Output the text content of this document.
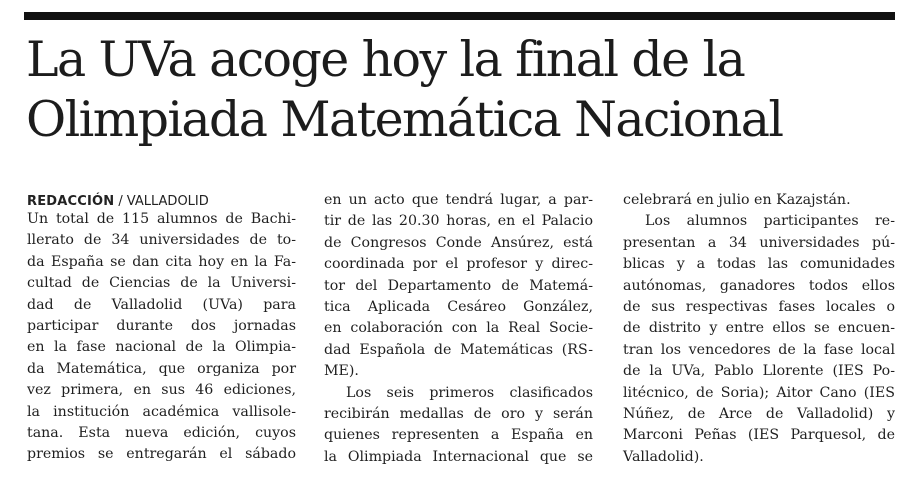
La UVa acoge hoy la final de la
Olimpiada Matemática Nacional
REDACCIÓN / VALLADOLID
Un total de 115 alumnos de Bachi-
llerato de 34 universidades de to-
da España se dan cita hoy en la Fa-
cultad de Ciencias de la Universi-
dad de Valladolid (UVa) para
participar durante dos jornadas
en la fase nacional de la Olimpia-
da Matemática, que organiza por
vez primera, en sus 46 ediciones,
la institución académica vallisole-
tana. Esta nueva edición, cuyos
premios se entregarán el sábado
en un acto que tendrá lugar, a par-
tir de las 20.30 horas, en el Palacio
de Congresos Conde Ansúrez, está
coordinada por el profesor y direc-
tor del Departamento de Matemá-
tica Aplicada Cesáreo González,
en colaboración con la Real Socie-
dad Española de Matemáticas (RS-
ME).
Los seis primeros clasificados
recibirán medallas de oro y serán
quienes representen a España en
la Olimpiada Internacional que se
celebrará en julio en Kazajstán.
Los alumnos participantes re-
presentan a 34 universidades pú-
blicas y a todas las comunidades
autónomas, ganadores todos ellos
de sus respectivas fases locales o
de distrito y entre ellos se encuen-
tran los vencedores de la fase local
de la UVa, Pablo Llorente (IES Po-
litécnico, de Soria); Aitor Cano (IES
Núñez, de Arce de Valladolid) y
Marconi Peñas (IES Parquesol, de
Valladolid).
